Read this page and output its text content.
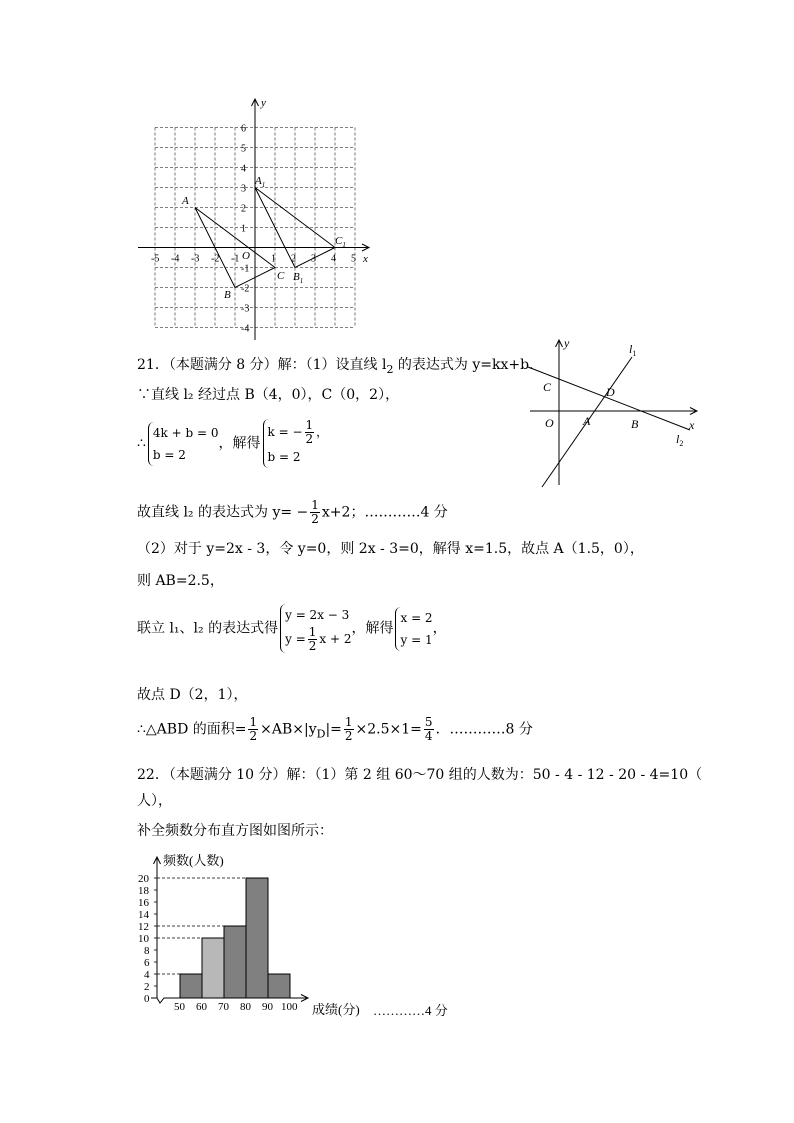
-5 -4 -3 -2 -1	1 2 3 4 5
6
5
4
3
2
1
-1
-2
-3
-4
x
y
O
A
B
C
$A_1$
$B_1$
$C_1$
21．（本题满分 8 分）解：（1）设直线 $l_2$ 的表达式为 y=kx+b.
∵直线 l₂ 经过点 B（4，0），C（0，2），
∴
4k + b = 0
b = 2
，解得
k = − $\frac{1}{2}$ ，
b = 2
故直线 l₂ 的表达式为 $y= - \frac{1}{2} x+2$；…………4 分
（2）对于 y=2x - 3，令 y=0，则 2x - 3=0，解得 x=1.5，故点 A（1.5，0），
则 AB=2.5，
联立 l₁、l₂ 的表达式得
y = 2x − 3
$y = \frac{1}{2}$ x + 2
，解得
x = 2
y = 1
，
故点 D（2，1），
∴△ABD 的面积= $\frac{1}{2} \times AB\times|y_D|= \frac{1}{2} \times 2.5\times 1= \frac{5}{4}$ ．…………8 分
x
y
O
C	D
A	B
$l_1$
$l_2$
22．（本题满分 10 分）解：（1）第 2 组 60～70 组的人数为：50 - 4 - 12 - 20 - 4=10（
人），
补全频数分布直方图如图所示：
0
2
4
6
8
10
12
14
16
18
20
50 60 70 80 90 100
频数(人数)
成绩(分) …………4 分
